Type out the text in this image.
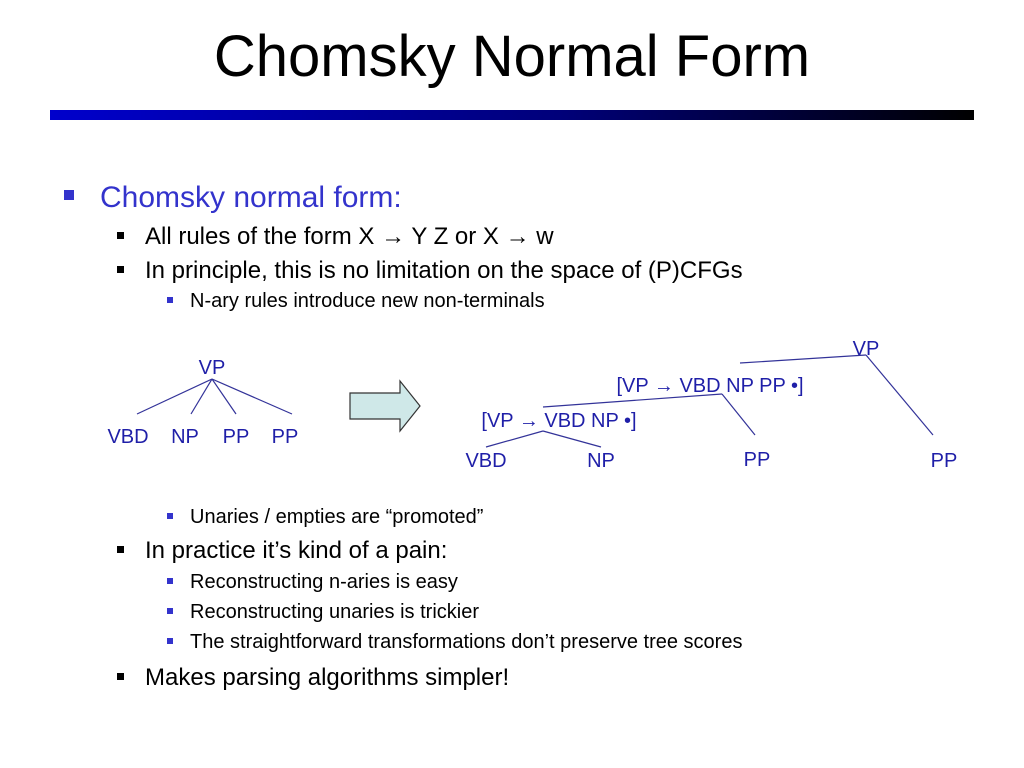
Chomsky Normal Form
Chomsky normal form:
All rules of the form X → Y Z or X → w
In principle, this is no limitation on the space of (P)CFGs
N-ary rules introduce new non-terminals
VP
VBD NP PP PP
VP
[VP → VBD NP PP •]
[VP → VBD NP •]
VBD	NP	PP	PP
Unaries / empties are “promoted”
In practice it’s kind of a pain:
Reconstructing n-aries is easy
Reconstructing unaries is trickier
The straightforward transformations don’t preserve tree scores
Makes parsing algorithms simpler!
